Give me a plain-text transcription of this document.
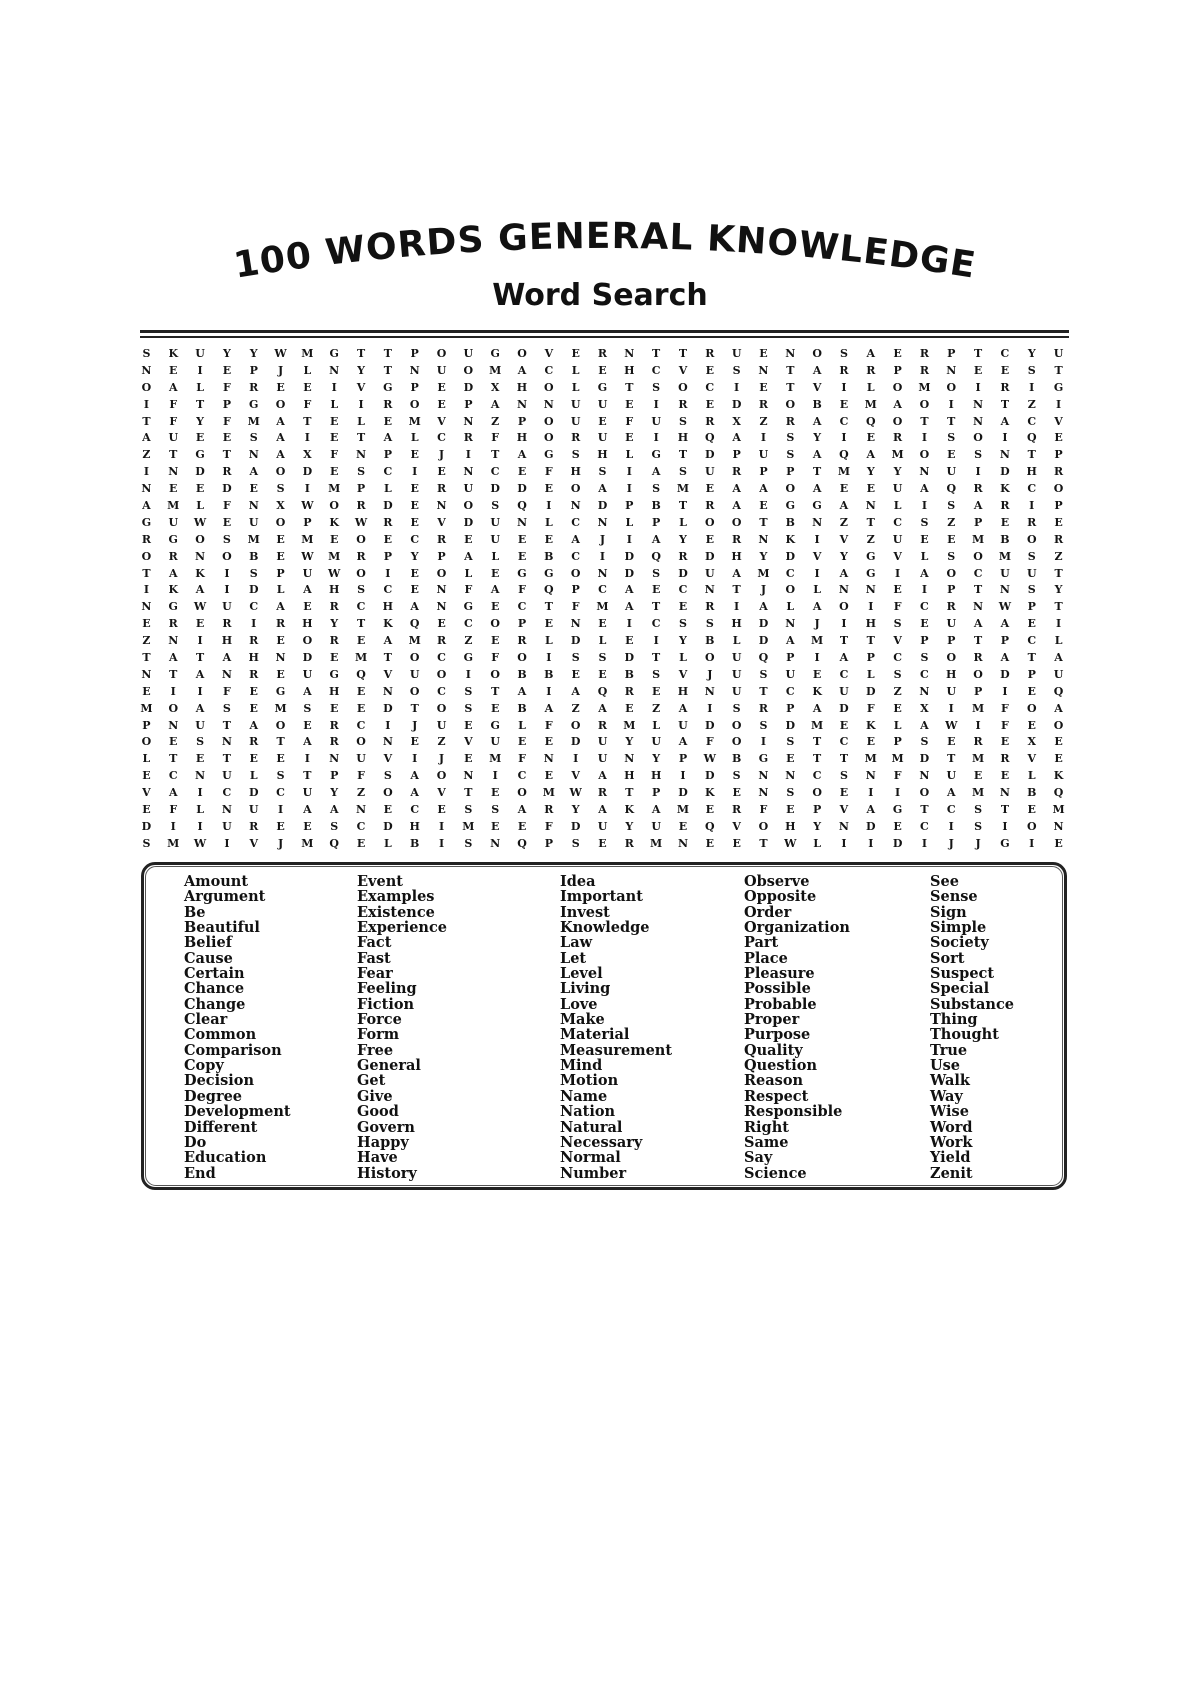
100 WORDS GENERAL KNOWLEDGE
Word Search
S	K	U	Y	Y	W	M	G	T	T	P	O	U	G	O	V	E	R	N	T	T	R	U	E	N	O	S	A	E	R	P	T	C	Y	U
N	E	I	E	P	J	L	N	Y	T	N	U	O	M	A	C	L	E	H	C	V	E	S	N	T	A	R	R	P	R	N	E	E	S	T
O	A	L	F	R	E	E	I	V	G	P	E	D	X	H	O	L	G	T	S	O	C	I	E	T	V	I	L	O	M	O	I	R	I	G
I	F	T	P	G	O	F	L	I	R	O	E	P	A	N	N	U	U	E	I	R	E	D	R	O	B	E	M	A	O	I	N	T	Z	I
T	F	Y	F	M	A	T	E	L	E	M	V	N	Z	P	O	U	E	F	U	S	R	X	Z	R	A	C	Q	O	T	T	N	A	C	V
A	U	E	E	S	A	I	E	T	A	L	C	R	F	H	O	R	U	E	I	H	Q	A	I	S	Y	I	E	R	I	S	O	I	Q	E
Z	T	G	T	N	A	X	F	N	P	E	J	I	T	A	G	S	H	L	G	T	D	P	U	S	A	Q	A	M	O	E	S	N	T	P
I	N	D	R	A	O	D	E	S	C	I	E	N	C	E	F	H	S	I	A	S	U	R	P	P	T	M	Y	Y	N	U	I	D	H	R
N	E	E	D	E	S	I	M	P	L	E	R	U	D	D	E	O	A	I	S	M	E	A	A	O	A	E	E	U	A	Q	R	K	C	O
A	M	L	F	N	X	W	O	R	D	E	N	O	S	Q	I	N	D	P	B	T	R	A	E	G	G	A	N	L	I	S	A	R	I	P
G	U	W	E	U	O	P	K	W	R	E	V	D	U	N	L	C	N	L	P	L	O	O	T	B	N	Z	T	C	S	Z	P	E	R	E
R	G	O	S	M	E	M	E	O	E	C	R	E	U	E	E	A	J	I	A	Y	E	R	N	K	I	V	Z	U	E	E	M	B	O	R
O	R	N	O	B	E	W	M	R	P	Y	P	A	L	E	B	C	I	D	Q	R	D	H	Y	D	V	Y	G	V	L	S	O	M	S	Z
T	A	K	I	S	P	U	W	O	I	E	O	L	E	G	G	O	N	D	S	D	U	A	M	C	I	A	G	I	A	O	C	U	U	T
I	K	A	I	D	L	A	H	S	C	E	N	F	A	F	Q	P	C	A	E	C	N	T	J	O	L	N	N	E	I	P	T	N	S	Y
N	G	W	U	C	A	E	R	C	H	A	N	G	E	C	T	F	M	A	T	E	R	I	A	L	A	O	I	F	C	R	N	W	P	T
E	R	E	R	I	R	H	Y	T	K	Q	E	C	O	P	E	N	E	I	C	S	S	H	D	N	J	I	H	S	E	U	A	A	E	I
Z	N	I	H	R	E	O	R	E	A	M	R	Z	E	R	L	D	L	E	I	Y	B	L	D	A	M	T	T	V	P	P	T	P	C	L
T	A	T	A	H	N	D	E	M	T	O	C	G	F	O	I	S	S	D	T	L	O	U	Q	P	I	A	P	C	S	O	R	A	T	A
N	T	A	N	R	E	U	G	Q	V	U	O	I	O	B	B	E	E	B	S	V	J	U	S	U	E	C	L	S	C	H	O	D	P	U
E	I	I	F	E	G	A	H	E	N	O	C	S	T	A	I	A	Q	R	E	H	N	U	T	C	K	U	D	Z	N	U	P	I	E	Q
M	O	A	S	E	M	S	E	E	D	T	O	S	E	B	A	Z	A	E	Z	A	I	S	R	P	A	D	F	E	X	I	M	F	O	A
P	N	U	T	A	O	E	R	C	I	J	U	E	G	L	F	O	R	M	L	U	D	O	S	D	M	E	K	L	A	W	I	F	E	O
O	E	S	N	R	T	A	R	O	N	E	Z	V	U	E	E	D	U	Y	U	A	F	O	I	S	T	C	E	P	S	E	R	E	X	E
L	T	E	T	E	E	I	N	U	V	I	J	E	M	F	N	I	U	N	Y	P	W	B	G	E	T	T	M	M	D	T	M	R	V	E
E	C	N	U	L	S	T	P	F	S	A	O	N	I	C	E	V	A	H	H	I	D	S	N	N	C	S	N	F	N	U	E	E	L	K
V	A	I	C	D	C	U	Y	Z	O	A	V	T	E	O	M	W	R	T	P	D	K	E	N	S	O	E	I	I	O	A	M	N	B	Q
E	F	L	N	U	I	A	A	N	E	C	E	S	S	A	R	Y	A	K	A	M	E	R	F	E	P	V	A	G	T	C	S	T	E	M
D	I	I	U	R	E	E	S	C	D	H	I	M	E	E	F	D	U	Y	U	E	Q	V	O	H	Y	N	D	E	C	I	S	I	O	N
S	M	W	I	V	J	M	Q	E	L	B	I	S	N	Q	P	S	E	R	M	N	E	E	T	W	L	I	I	D	I	J	J	G	I	E
Amount
Argument
Be
Beautiful
Belief
Cause
Certain
Chance
Change
Clear
Common
Comparison
Copy
Decision
Degree
Development
Different
Do
Education
End
Event
Examples
Existence
Experience
Fact
Fast
Fear
Feeling
Fiction
Force
Form
Free
General
Get
Give
Good
Govern
Happy
Have
History
Idea
Important
Invest
Knowledge
Law
Let
Level
Living
Love
Make
Material
Measurement
Mind
Motion
Name
Nation
Natural
Necessary
Normal
Number
Observe
Opposite
Order
Organization
Part
Place
Pleasure
Possible
Probable
Proper
Purpose
Quality
Question
Reason
Respect
Responsible
Right
Same
Say
Science
See
Sense
Sign
Simple
Society
Sort
Suspect
Special
Substance
Thing
Thought
True
Use
Walk
Way
Wise
Word
Work
Yield
Zenit
